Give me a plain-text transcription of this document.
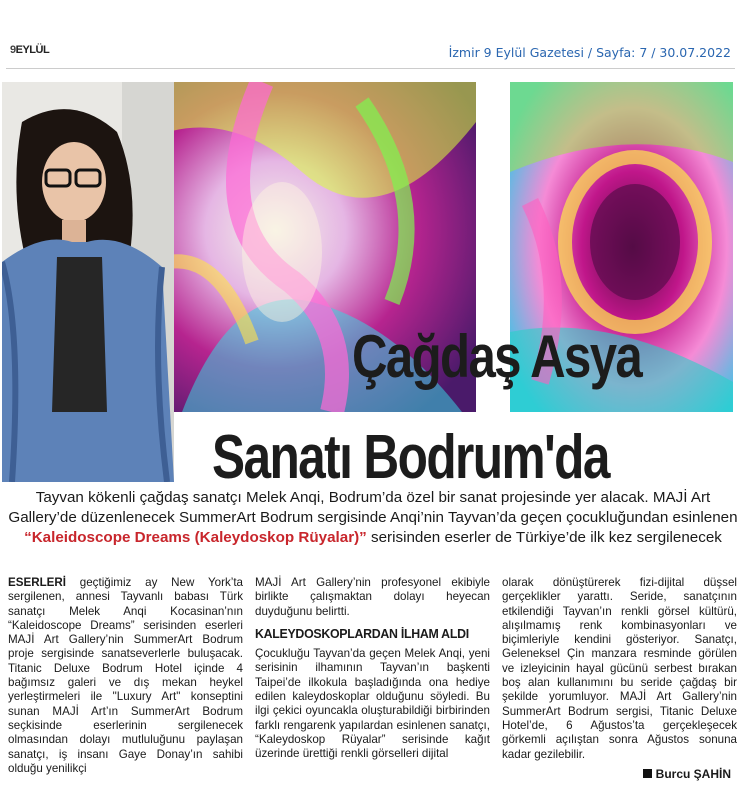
9EYLÜL	İzmir 9 Eylül Gazetesi / Sayfa: 7 / 30.07.2022
Çağdaş Asya
Sanatı Bodrum'da
Tayvan kökenli çağdaş sanatçı Melek Anqi, Bodrum’da özel bir sanat projesinde yer alacak. MAJİ Art
Gallery’de düzenlenecek SummerArt Bodrum sergisinde Anqi’nin Tayvan’da geçen çocukluğundan esinlenen
“Kaleidoscope Dreams (Kaleydoskop Rüyalar)” serisinden eserler de Türkiye’de ilk kez sergilenecek

ESERLERİ geçtiğimiz ay New York’ta sergilenen, annesi Tayvanlı babası Türk sanatçı Melek Anqi Kocasinan’nın “Kaleidoscope Dreams” serisinden eserleri MAJİ Art Gallery’nin SummerArt Bodrum proje sergisinde sanatseverlerle buluşacak. Titanic Deluxe Bodrum Hotel içinde 4 bağımsız galeri ve dış mekan heykel yerleştirmeleri ile "Luxury Art" konseptini sunan MAJİ Art’ın SummerArt Bodrum seçkisinde eserlerinin sergilenecek olmasından dolayı mutluluğunu paylaşan sanatçı, iş insanı Gaye Donay’ın sahibi olduğu yenilikçi

MAJİ Art Gallery’nin profesyonel ekibiyle birlikte çalışmaktan dolayı heyecan duyduğunu belirtti.

KALEYDOSKOPLARDAN İLHAM ALDI

Çocukluğu Tayvan’da geçen Melek Anqi, yeni serisinin ilhamının Tayvan’ın başkenti Taipei’de ilkokula başladığında ona hediye edilen kaleydoskoplar olduğunu söyledi. Bu ilgi çekici oyuncakla oluşturabildiği birbirinden farklı rengarenk yapılardan esinlenen sanatçı, “Kaleydoskop Rüyalar” serisinde kağıt üzerinde ürettiği renkli görselleri dijital

olarak dönüştürerek fizi-dijital düşsel gerçeklikler yarattı. Seride, sanatçının etkilendiği Tayvan’ın renkli görsel kültürü, alışılmamış renk kombinasyonları ve biçimleriyle kendini gösteriyor. Sanatçı, Geleneksel Çin manzara resminde görülen ve izleyicinin hayal gücünü serbest bırakan boş alan kullanımını bu seride çağdaş bir şekilde yorumluyor. MAJİ Art Gallery’nin SummerArt Bodrum sergisi, Titanic Deluxe Hotel’de, 6 Ağustos’ta gerçekleşecek görkemli açılıştan sonra Ağustos sonuna kadar gezilebilir.

Burcu ŞAHİN
